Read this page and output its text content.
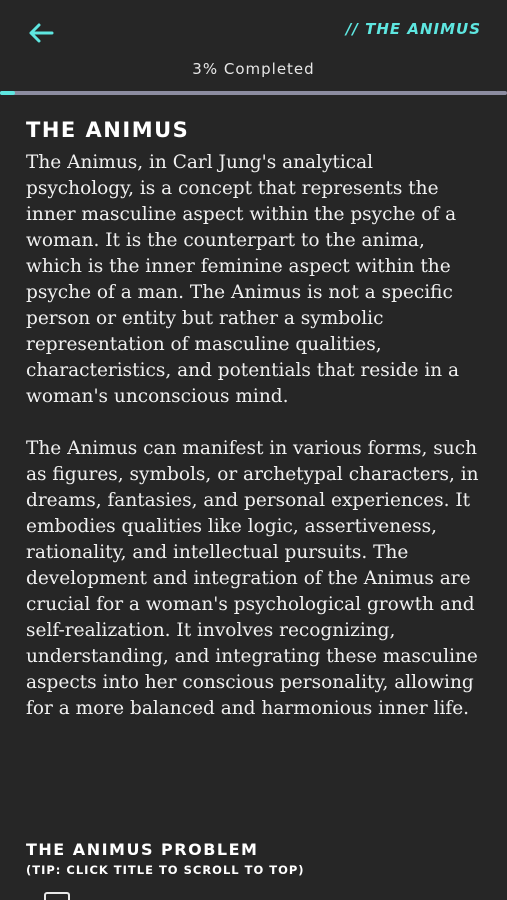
// THE ANIMUS
3% Completed
THE ANIMUS

The Animus, in Carl Jung's analytical psychology, is a concept that represents the inner masculine aspect within the psyche of a woman. It is the counterpart to the anima, which is the inner feminine aspect within the psyche of a man. The Animus is not a specific person or entity but rather a symbolic representation of masculine qualities, characteristics, and potentials that reside in a woman's unconscious mind.

The Animus can manifest in various forms, such as figures, symbols, or archetypal characters, in dreams, fantasies, and personal experiences. It embodies qualities like logic, assertiveness, rationality, and intellectual pursuits. The development and integration of the Animus are crucial for a woman's psychological growth and self-realization. It involves recognizing, understanding, and integrating these masculine aspects into her conscious personality, allowing for a more balanced and harmonious inner life.

THE ANIMUS PROBLEM
(TIP: CLICK TITLE TO SCROLL TO TOP)
